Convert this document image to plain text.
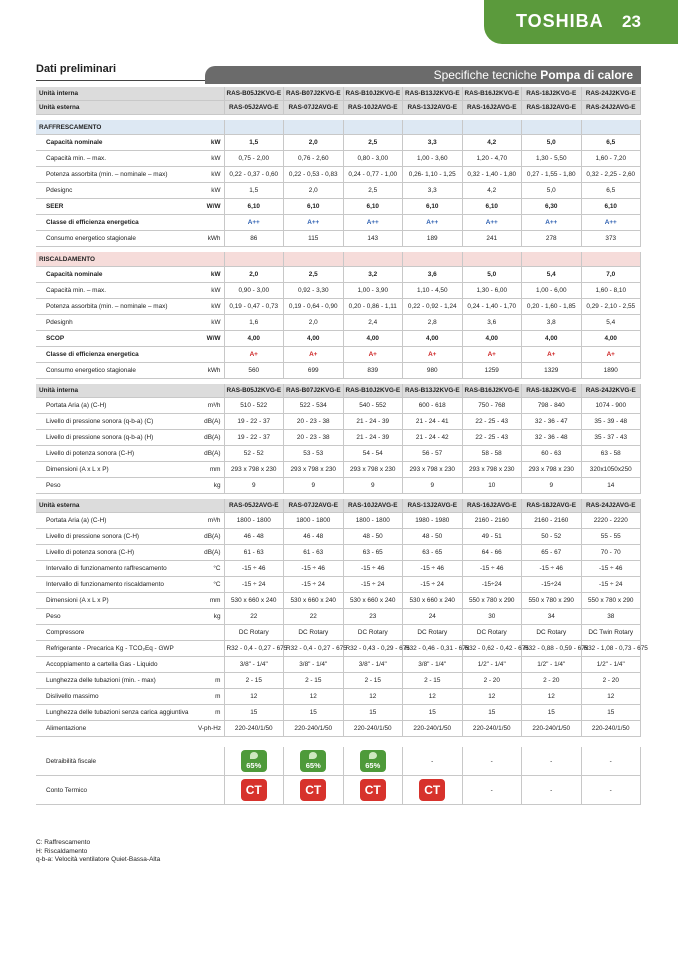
TOSHIBA 23
Dati preliminari	Specifiche tecniche Pompa di calore
Unità interna		RAS-B05J2KVG-E	RAS-B07J2KVG-E	RAS-B10J2KVG-E	RAS-B13J2KVG-E	RAS-B16J2KVG-E	RAS-18J2KVG-E	RAS-24J2KVG-E
Unità esterna		RAS-05J2AVG-E	RAS-07J2AVG-E	RAS-10J2AVG-E	RAS-13J2AVG-E	RAS-16J2AVG-E	RAS-18J2AVG-E	RAS-24J2AVG-E

RAFFRESCAMENTO								
Capacità nominale	kW	1,5	2,0	2,5	3,3	4,2	5,0	6,5
Capacità min. – max.	kW	0,75 - 2,00	0,76 - 2,60	0,80 - 3,00	1,00 - 3,60	1,20 - 4,70	1,30 - 5,50	1,60 - 7,20
Potenza assorbita (min. – nominale – max)	kW	0,22 - 0,37 - 0,60	0,22 - 0,53 - 0,83	0,24 - 0,77 - 1,00	0,26- 1,10 - 1,25	0,32 - 1,40 - 1,80	0,27 - 1,55 - 1,80	0,32 - 2,25 - 2,60
Pdesignc	kW	1,5	2,0	2,5	3,3	4,2	5,0	6,5
SEER	W/W	6,10	6,10	6,10	6,10	6,10	6,30	6,10
Classe di efficienza energetica		A++	A++	A++	A++	A++	A++	A++
Consumo energetico stagionale	kWh	86	115	143	189	241	278	373

RISCALDAMENTO								
Capacità nominale	kW	2,0	2,5	3,2	3,6	5,0	5,4	7,0
Capacità min. – max.	kW	0,90 - 3,00	0,92 - 3,30	1,00 - 3,90	1,10 - 4,50	1,30 - 6,00	1,00 - 6,00	1,60 - 8,10
Potenza assorbita (min. – nominale – max)	kW	0,19 - 0,47 - 0,73	0,19 - 0,64 - 0,90	0,20 - 0,86 - 1,11	0,22 - 0,92 - 1,24	0,24 - 1,40 - 1,70	0,20 - 1,60 - 1,85	0,29 - 2,10 - 2,55
Pdesignh	kW	1,6	2,0	2,4	2,8	3,6	3,8	5,4
SCOP	W/W	4,00	4,00	4,00	4,00	4,00	4,00	4,00
Classe di efficienza energetica		A+	A+	A+	A+	A+	A+	A+
Consumo energetico stagionale	kWh	560	699	839	980	1259	1329	1890

Unità interna		RAS-B05J2KVG-E	RAS-B07J2KVG-E	RAS-B10J2KVG-E	RAS-B13J2KVG-E	RAS-B16J2KVG-E	RAS-18J2KVG-E	RAS-24J2KVG-E
Portata Aria (a) (C-H)	m³/h	510 - 522	522 - 534	540 - 552	600 - 618	750 - 768	798 - 840	1074 - 900
Livello di pressione sonora (q-b-a) (C)	dB(A)	19 - 22 - 37	20 - 23 - 38	21 - 24 - 39	21 - 24 - 41	22 - 25 - 43	32 - 36 - 47	35 - 39 - 48
Livello di pressione sonora (q-b-a) (H)	dB(A)	19 - 22 - 37	20 - 23 - 38	21 - 24 - 39	21 - 24 - 42	22 - 25 - 43	32 - 36 - 48	35 - 37 - 43
Livello di potenza sonora (C-H)	dB(A)	52 - 52	53 - 53	54 - 54	56 - 57	58 - 58	60 - 63	63 - 58
Dimensioni (A x L x P)	mm	293 x 798 x 230	293 x 798 x 230	293 x 798 x 230	293 x 798 x 230	293 x 798 x 230	293 x 798 x 230	320x1050x250
Peso	kg	9	9	9	9	10	9	14

Unità esterna		RAS-05J2AVG-E	RAS-07J2AVG-E	RAS-10J2AVG-E	RAS-13J2AVG-E	RAS-16J2AVG-E	RAS-18J2AVG-E	RAS-24J2AVG-E
Portata Aria (a) (C-H)	m³/h	1800 - 1800	1800 - 1800	1800 - 1800	1980 - 1980	2160 - 2160	2160 - 2160	2220 - 2220
Livello di pressione sonora (C-H)	dB(A)	46 - 48	46 - 48	48 - 50	48 - 50	49 - 51	50 - 52	55 - 55
Livello di potenza sonora (C-H)	dB(A)	61 - 63	61 - 63	63 - 65	63 - 65	64 - 66	65 - 67	70 - 70
Intervallo di funzionamento raffrescamento	°C	-15 ÷ 46	-15 ÷ 46	-15 ÷ 46	-15 ÷ 46	-15 ÷ 46	-15 ÷ 46	-15 ÷ 46
Intervallo di funzionamento riscaldamento	°C	-15 ÷ 24	-15 ÷ 24	-15 ÷ 24	-15 ÷ 24	-15÷24	-15÷24	-15 ÷ 24
Dimensioni (A x L x P)	mm	530 x 660 x 240	530 x 660 x 240	530 x 660 x 240	530 x 660 x 240	550 x 780 x 290	550 x 780 x 290	550 x 780 x 290
Peso	kg	22	22	23	24	30	34	38
Compressore		DC Rotary	DC Rotary	DC Rotary	DC Rotary	DC Rotary	DC Rotary	DC Twin Rotary
Refrigerante - Precarica Kg - TCO₂Eq - GWP		R32 - 0,4 - 0,27 - 675	R32 - 0,4 - 0,27 - 675	R32 - 0,43 - 0,29 - 675	R32 - 0,46 - 0,31 - 675	R32 - 0,62 - 0,42 - 675	R32 - 0,88 - 0,59 - 675	R32 - 1,08 - 0,73 - 675
Accoppiamento a cartella Gas - Liquido		3/8" - 1/4"	3/8" - 1/4"	3/8" - 1/4"	3/8" - 1/4"	1/2" - 1/4"	1/2" - 1/4"	1/2" - 1/4"
Lunghezza delle tubazioni (min. - max)	m	2 - 15	2 - 15	2 - 15	2 - 15	2 - 20	2 - 20	2 - 20
Dislivello massimo	m	12	12	12	12	12	12	12
Lunghezza delle tubazioni senza carica aggiuntiva	m	15	15	15	15	15	15	15
Alimentazione	V-ph-Hz	220-240/1/50	220-240/1/50	220-240/1/50	220-240/1/50	220-240/1/50	220-240/1/50	220-240/1/50

Detraibilità fiscale		65%	65%	65%	-	-	-	-
Conto Termico		CT	CT	CT	CT	-	-	-
C: Raffrescamento
H: Riscaldamento
q-b-a: Velocità ventilatore Quiet-Bassa-Alta
